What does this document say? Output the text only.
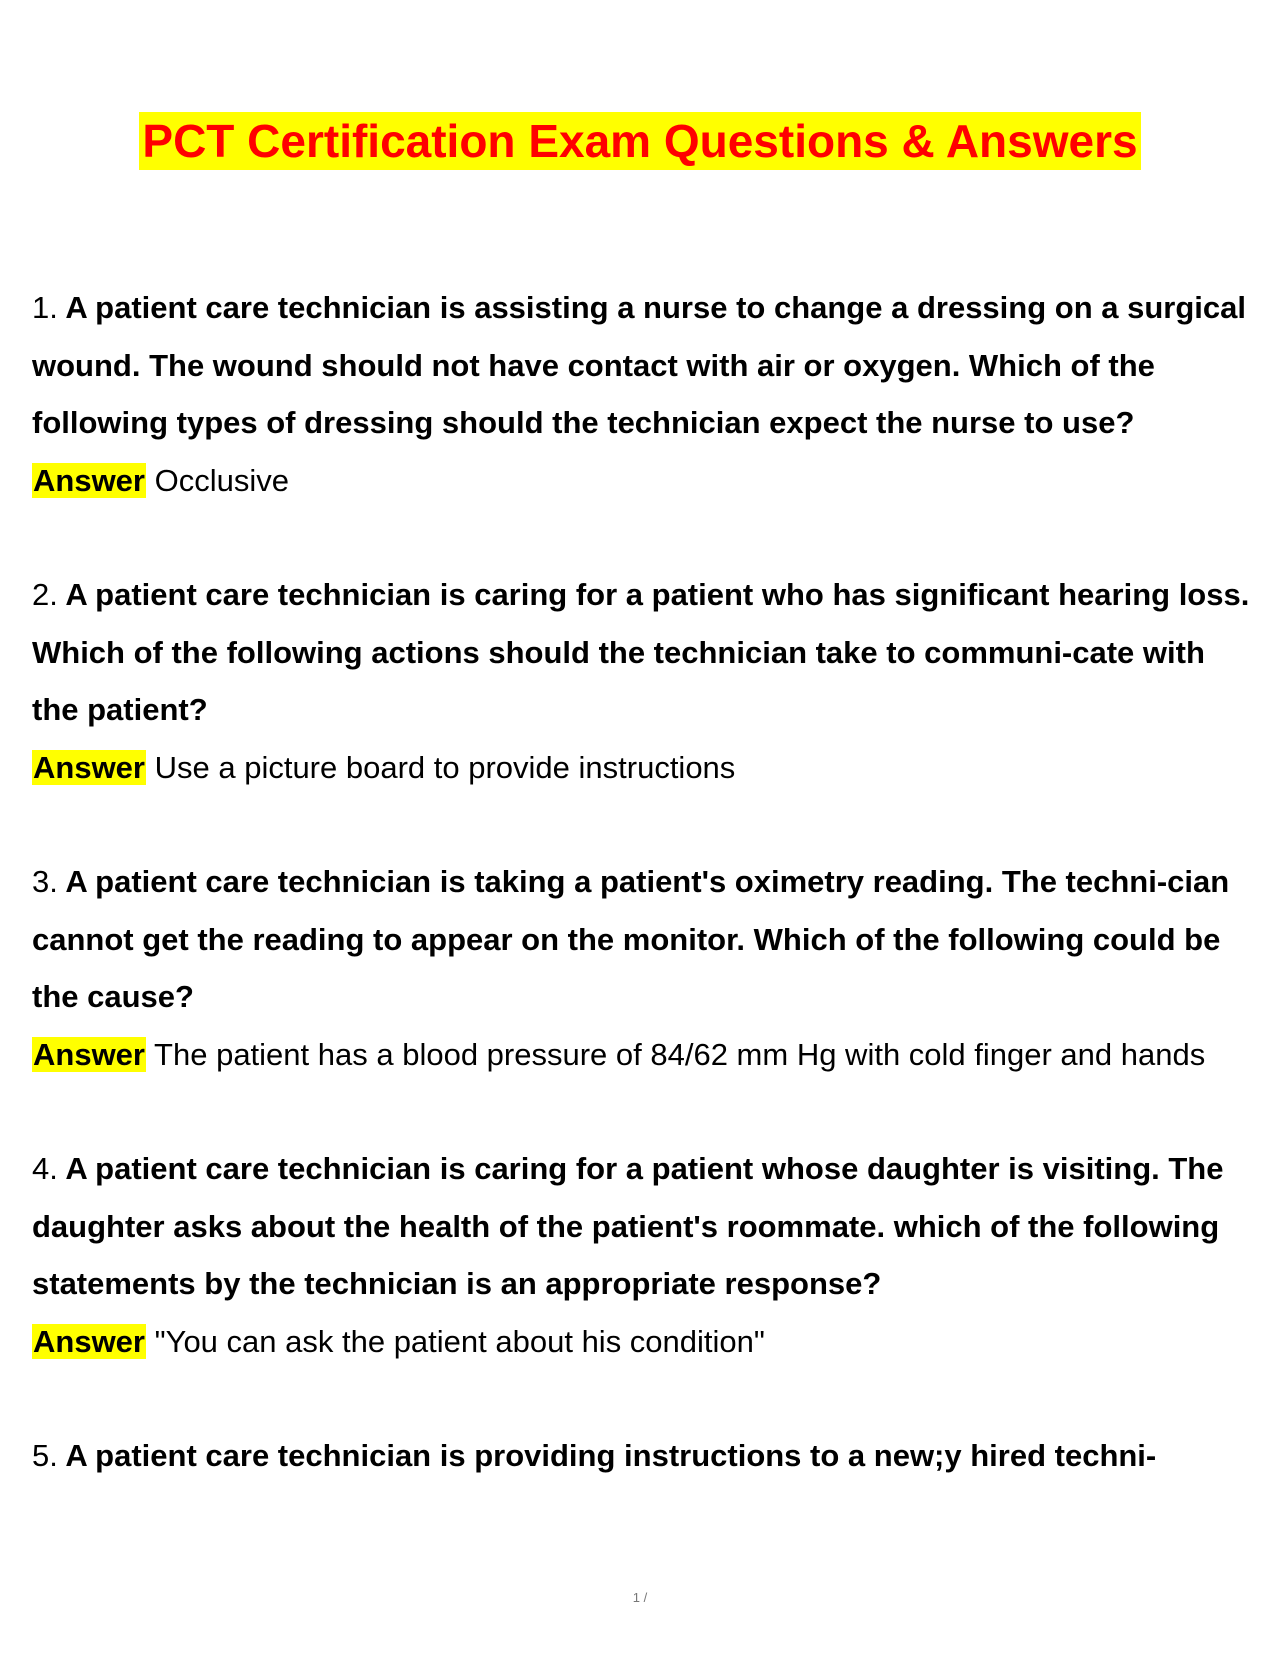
PCT Certification Exam Questions & Answers

1. A patient care technician is assisting a nurse to change a dressing on a surgical wound. The wound should not have contact with air or oxygen. Which of the following types of dressing should the technician expect the nurse to use?

Answer Occlusive

2. A patient care technician is caring for a patient who has significant hearing loss. Which of the following actions should the technician take to communi-cate with the patient?

Answer Use a picture board to provide instructions

3. A patient care technician is taking a patient's oximetry reading. The techni-cian cannot get the reading to appear on the monitor. Which of the following could be the cause?

Answer The patient has a blood pressure of 84/62 mm Hg with cold finger and hands

4. A patient care technician is caring for a patient whose daughter is visiting. The daughter asks about the health of the patient's roommate. which of the following statements by the technician is an appropriate response?

Answer "You can ask the patient about his condition"

5. A patient care technician is providing instructions to a new;y hired techni-

1 /
